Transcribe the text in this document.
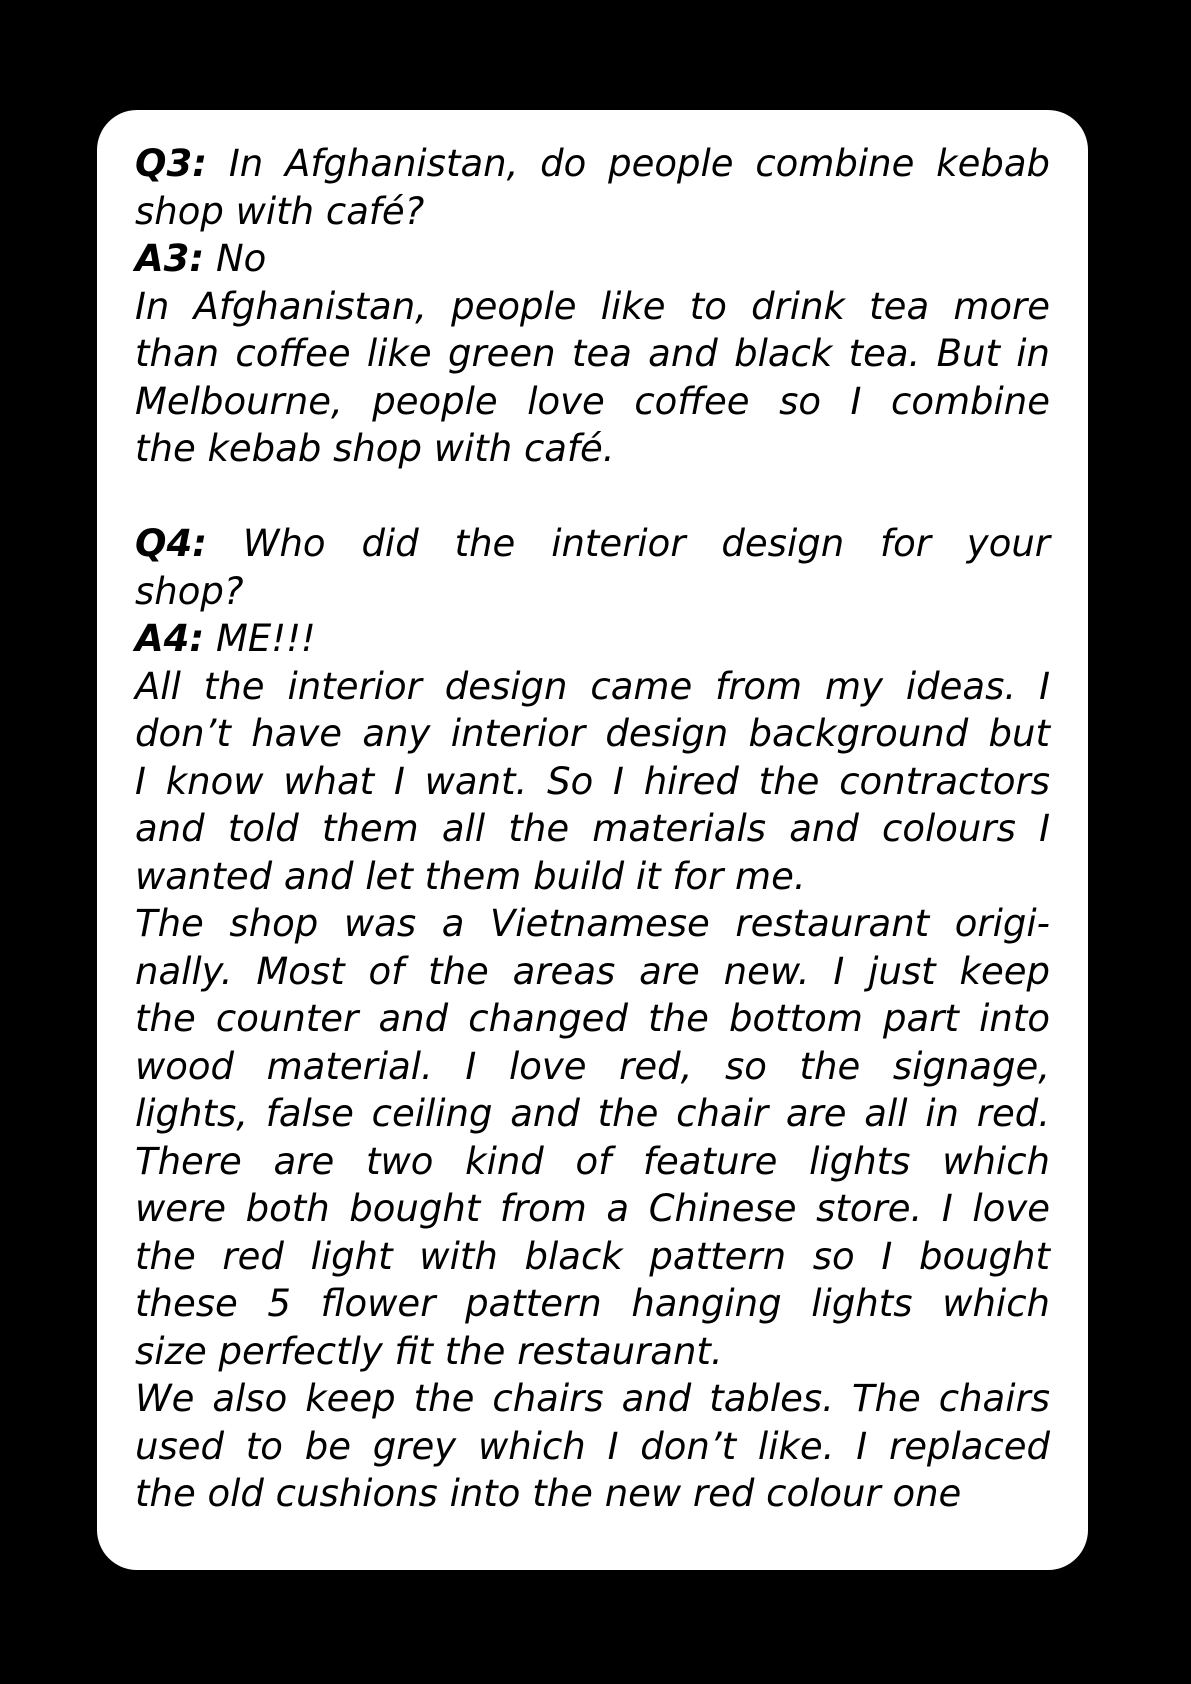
Q3: In Afghanistan, do people combine kebab
shop with café?
A3: No
In Afghanistan, people like to drink tea more
than coffee like green tea and black tea. But in
Melbourne, people love coffee so I combine
the kebab shop with café.
Q4: Who did the interior design for your
shop?
A4: ME!!!
All the interior design came from my ideas. I
don’t have any interior design background but
I know what I want. So I hired the contractors
and told them all the materials and colours I
wanted and let them build it for me.
The shop was a Vietnamese restaurant origi-
nally. Most of the areas are new. I just keep
the counter and changed the bottom part into
wood material. I love red, so the signage,
lights, false ceiling and the chair are all in red.
There are two kind of feature lights which
were both bought from a Chinese store. I love
the red light with black pattern so I bought
these 5 flower pattern hanging lights which
size perfectly fit the restaurant.
We also keep the chairs and tables. The chairs
used to be grey which I don’t like. I replaced
the old cushions into the new red colour one
